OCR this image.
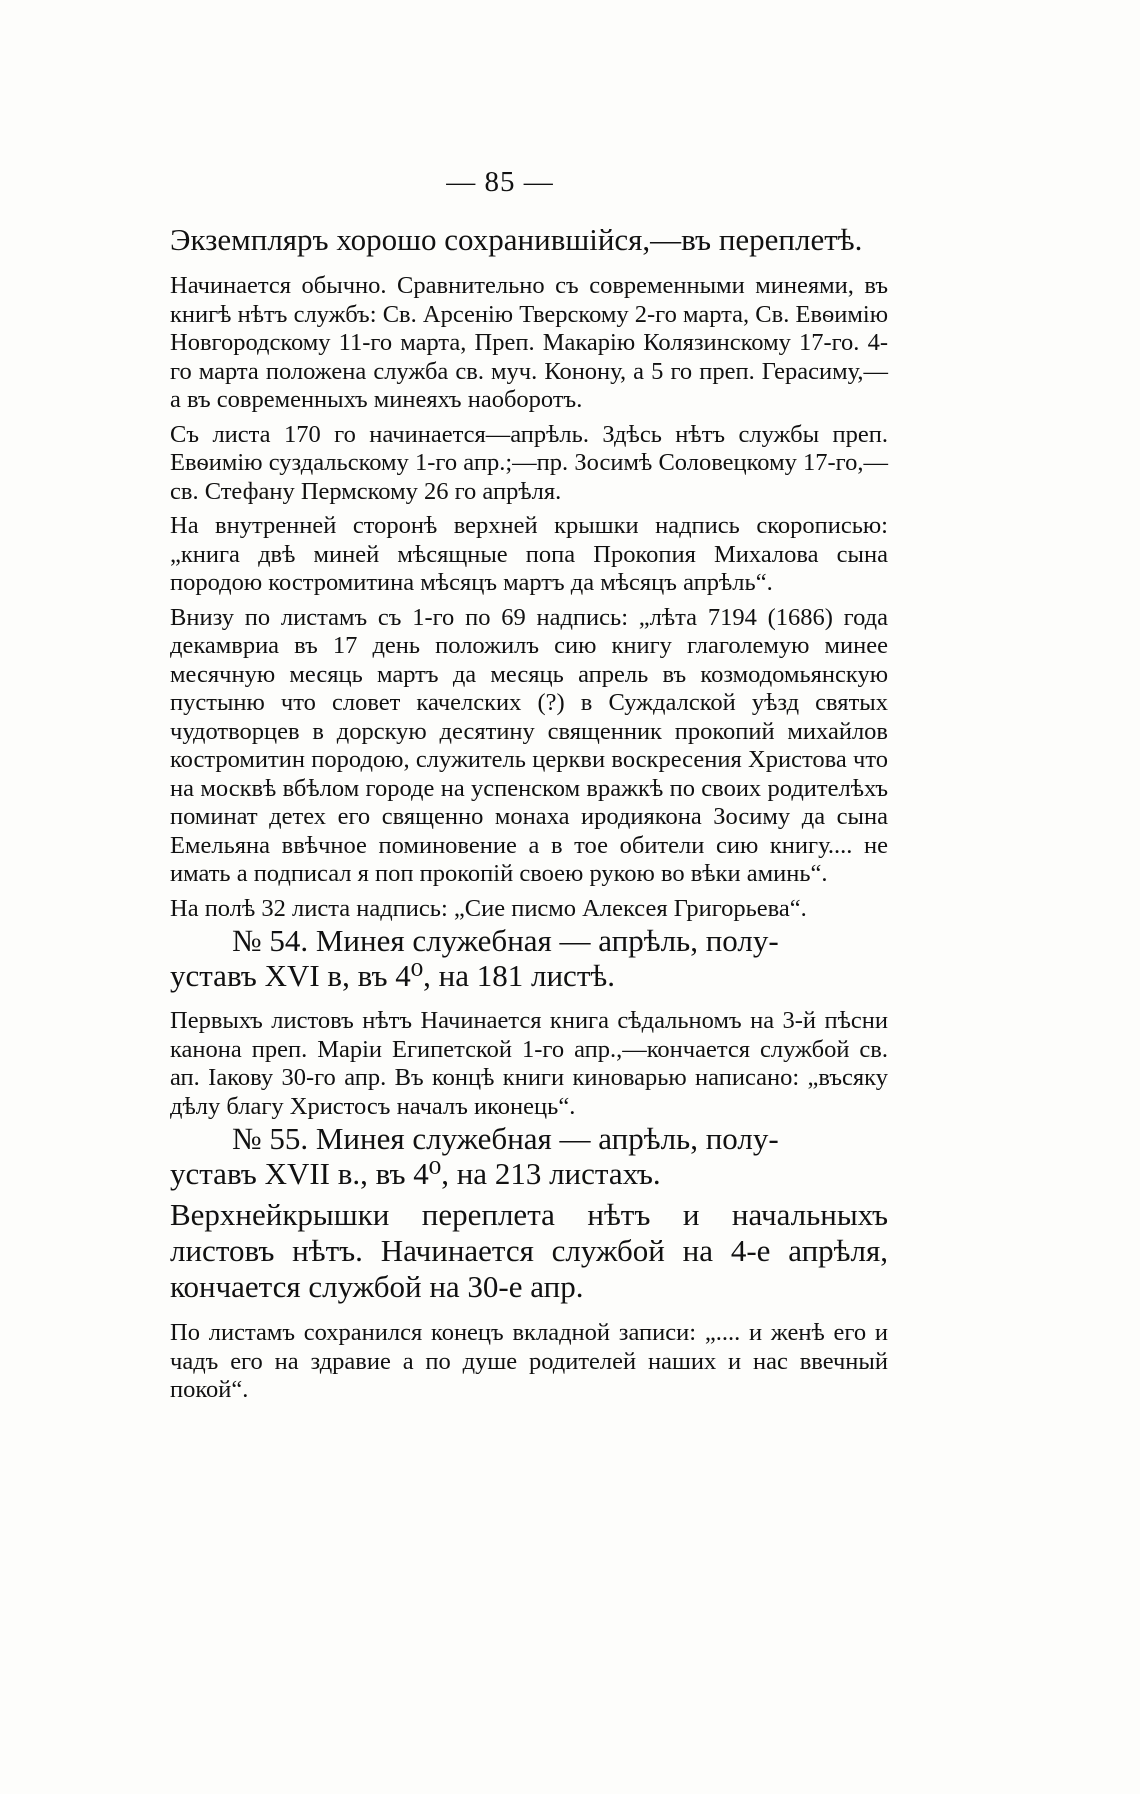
— 85 —

Экземпляръ хорошо сохранившійся,—въ переплетѣ.

Начинается обычно. Сравнительно съ современными минеями, въ книгѣ нѣтъ службъ: Св. Арсенію Тверскому 2-го марта, Св. Евѳимію Новгородскому 11-го марта, Преп. Макарію Колязинскому 17-го. 4-го марта положена служба св. муч. Конону, а 5 го преп. Герасиму,—а въ современныхъ минеяхъ наоборотъ.

Съ листа 170 го начинается—апрѣль. Здѣсь нѣтъ службы преп. Евѳимію суздальскому 1-го апр.;—пр. Зосимѣ Соловецкому 17-го,—св. Стефану Пермскому 26 го апрѣля.

На внутренней сторонѣ верхней крышки надпись скорописью: „книга двѣ миней мѣсящные попа Прокопия Михалова сына породою костромитина мѣсяцъ мартъ да мѣсяцъ апрѣль“.

Внизу по листамъ съ 1-го по 69 надпись: „лѣта 7194 (1686) года декамвриа въ 17 день положилъ сию книгу глаголемую минее месячную месяць мартъ да месяць апрель въ козмодомьянскую пустыню что словет качелских (?) в Суждалской уѣзд святых чудотворцев в дорскую десятину священник прокопий михайлов костромитин породою, служитель церкви воскресения Христова что на москвѣ вбѣлом городе на успенском вражкѣ по своих родителѣхъ поминат детех его священно монаха иродиякона Зосиму да сына Емельяна ввѣчное поминовение а в тое обители сию книгу.... не имать а подписал я поп прокопiй своею рукою во вѣки аминь“.

На полѣ 32 листа надпись: „Сие писмо Алексея Григорьева“.

№ 54. Минея служебная — апрѣль, полу-
уставъ XVI в, въ 4⁰, на 181 листѣ.

Первыхъ листовъ нѣтъ Начинается книга сѣдальномъ на 3-й пѣсни канона преп. Маріи Египетской 1-го апр.,—кончается службой св. ап. Іакову 30-го апр. Въ концѣ книги киноварью написано: „въсяку дѣлу благу Христосъ началъ иконець“.

№ 55. Минея служебная — апрѣль, полу-
уставъ XVII в., въ 4⁰, на 213 листахъ.

Верхнейкрышки переплета нѣтъ и начальныхъ листовъ нѣтъ. Начинается службой на 4-е апрѣля, кончается службой на 30-е апр.

По листамъ сохранился конецъ вкладной записи: „.... и женѣ его и чадъ его на здравие а по душе родителей наших и нас ввечный покой“.
